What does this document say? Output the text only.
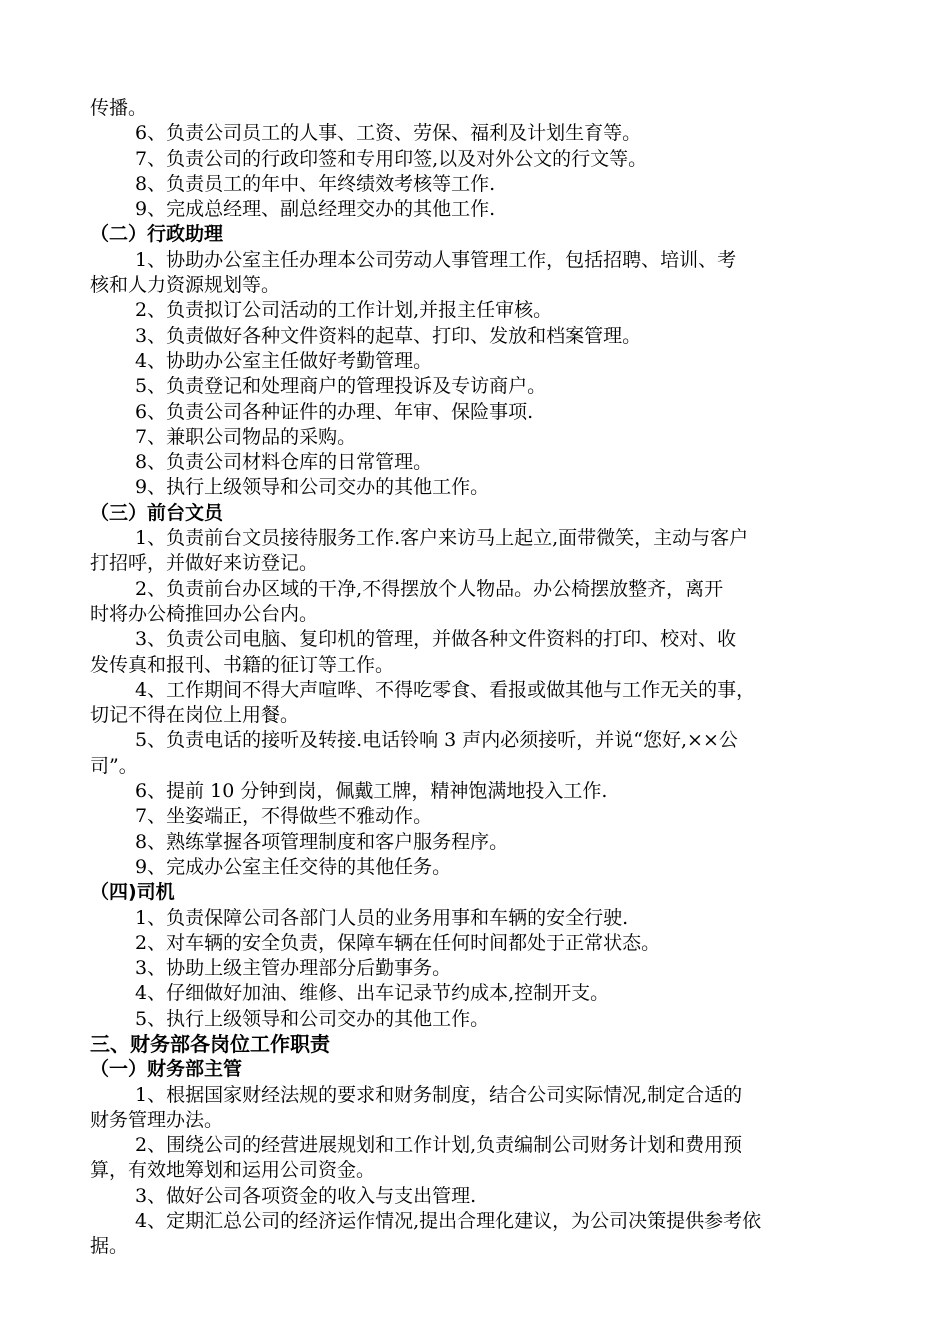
传播。
6、负责公司员工的人事、工资、劳保、福利及计划生育等。
7、负责公司的行政印签和专用印签,以及对外公文的行文等。
8、负责员工的年中、年终绩效考核等工作.
9、完成总经理、副总经理交办的其他工作.
（二）行政助理
1、协助办公室主任办理本公司劳动人事管理工作，包括招聘、培训、考
核和人力资源规划等。
2、负责拟订公司活动的工作计划,并报主任审核。
3、负责做好各种文件资料的起草、打印、发放和档案管理。
4、协助办公室主任做好考勤管理。
5、负责登记和处理商户的管理投诉及专访商户。
6、负责公司各种证件的办理、年审、保险事项.
7、兼职公司物品的采购。
8、负责公司材料仓库的日常管理。
9、执行上级领导和公司交办的其他工作。
（三）前台文员
1、负责前台文员接待服务工作.客户来访马上起立,面带微笑，主动与客户
打招呼，并做好来访登记。
2、负责前台办区域的干净,不得摆放个人物品。办公椅摆放整齐，离开
时将办公椅推回办公台内。
3、负责公司电脑、复印机的管理，并做各种文件资料的打印、校对、收
发传真和报刊、书籍的征订等工作。
4、工作期间不得大声喧哗、不得吃零食、看报或做其他与工作无关的事，
切记不得在岗位上用餐。
5、负责电话的接听及转接.电话铃响 3 声内必须接听，并说“您好,××公
司”。
6、提前 10 分钟到岗，佩戴工牌，精神饱满地投入工作.
7、坐姿端正，不得做些不雅动作。
8、熟练掌握各项管理制度和客户服务程序。
9、完成办公室主任交待的其他任务。
（四)司机
1、负责保障公司各部门人员的业务用事和车辆的安全行驶.
2、对车辆的安全负责，保障车辆在任何时间都处于正常状态。
3、协助上级主管办理部分后勤事务。
4、仔细做好加油、维修、出车记录节约成本,控制开支。
5、执行上级领导和公司交办的其他工作。
三、财务部各岗位工作职责
（一）财务部主管
1、根据国家财经法规的要求和财务制度，结合公司实际情况,制定合适的
财务管理办法。
2、围绕公司的经营进展规划和工作计划,负责编制公司财务计划和费用预
算，有效地筹划和运用公司资金。
3、做好公司各项资金的收入与支出管理.
4、定期汇总公司的经济运作情况,提出合理化建议，为公司决策提供参考依
据。
